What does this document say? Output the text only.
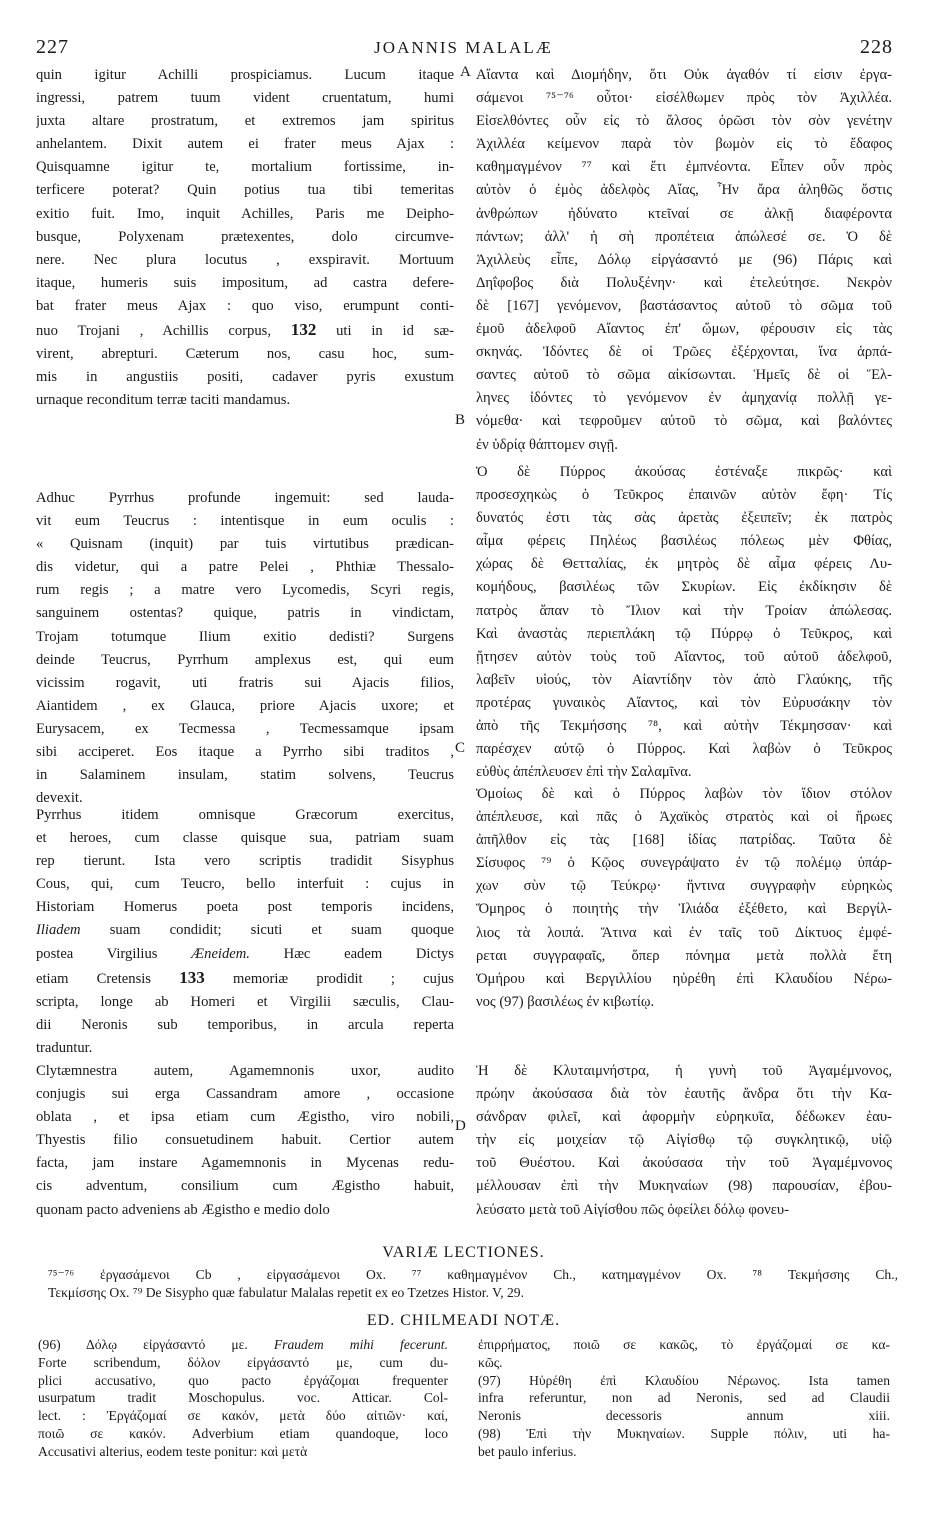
227	JOANNIS MALALÆ	228
A
B
C
D
quin igitur Achilli prospiciamus. Lucum itaque
ingressi, patrem tuum vident cruentatum, humi
juxta altare prostratum, et extremos jam spiritus
anhelantem. Dixit autem ei frater meus Ajax :
Quisquamne igitur te, mortalium fortissime, in-
terficere poterat? Quin potius tua tibi temeritas
exitio fuit. Imo, inquit Achilles, Paris me Deipho-
busque, Polyxenam prætexentes, dolo circumve-
nere. Nec plura locutus , exspiravit. Mortuum
itaque, humeris suis impositum, ad castra defere-
bat frater meus Ajax : quo viso, erumpunt conti-
nuo Trojani , Achillis corpus, 132 uti in id sæ-
virent, abrepturi. Cæterum nos, casu hoc, sum-
mis in angustiis positi, cadaver pyris exustum
urnaque reconditum terræ taciti mandamus.
Adhuc Pyrrhus profunde ingemuit: sed lauda-
vit eum Teucrus : intentisque in eum oculis :
« Quisnam (inquit) par tuis virtutibus prædican-
dis videtur, qui a patre Pelei , Phthiæ Thessalo-
rum regis ; a matre vero Lycomedis, Scyri regis,
sanguinem ostentas? quique, patris in vindictam,
Trojam totumque Ilium exitio dedisti? Surgens
deinde Teucrus, Pyrrhum amplexus est, qui eum
vicissim rogavit, uti fratris sui Ajacis filios,
Aiantidem , ex Glauca, priore Ajacis uxore; et
Eurysacem, ex Tecmessa , Tecmessamque ipsam
sibi acciperet. Eos itaque a Pyrrho sibi traditos ,
in Salaminem insulam, statim solvens, Teucrus
devexit.
Pyrrhus itidem omnisque Græcorum exercitus,
et heroes, cum classe quisque sua, patriam suam
rep tierunt. Ista vero scriptis tradidit Sisyphus
Cous, qui, cum Teucro, bello interfuit : cujus in
Historiam Homerus poeta post temporis incidens,
Iliadem suam condidit; sicuti et suam quoque
postea Virgilius Æneidem. Hæc eadem Dictys
etiam Cretensis 133 memoriæ prodidit ; cujus
scripta, longe ab Homeri et Virgilii sæculis, Clau-
dii Neronis sub temporibus, in arcula reperta
traduntur.
Clytæmnestra autem, Agamemnonis uxor, audito
conjugis sui erga Cassandram amore , occasione
oblata , et ipsa etiam cum Ægistho, viro nobili,
Thyestis filio consuetudinem habuit. Certior autem
facta, jam instare Agamemnonis in Mycenas redu-
cis adventum, consilium cum Ægistho habuit,
quonam pacto adveniens ab Ægistho e medio dolo
Αἴαντα καὶ Διομήδην, ὅτι Οὐκ ἀγαθόν τί εἰσιν ἐργα-
σάμενοι ⁷⁵⁻⁷⁶ οὗτοι· εἰσέλθωμεν πρὸς τὸν Ἀχιλλέα.
Εἰσελθόντες οὖν εἰς τὸ ἄλσος ὁρῶσι τὸν σὸν γενέτην
Ἀχιλλέα κείμενον παρὰ τὸν βωμὸν εἰς τὸ ἔδαφος
καθημαγμένον ⁷⁷ καὶ ἔτι ἐμπνέοντα. Εἶπεν οὖν πρὸς
αὐτὸν ὁ ἐμὸς ἀδελφὸς Αἴας, Ἦν ἄρα ἀληθῶς ὅστις
ἀνθρώπων ἠδύνατο κτεῖναί σε ἀλκῇ διαφέροντα
πάντων; ἀλλ' ἡ σὴ προπέτεια ἀπώλεσέ σε. Ὁ δὲ
Ἀχιλλεὺς εἶπε, Δόλῳ εἰργάσαντό με (96) Πάρις καὶ
Δηΐφοβος διὰ Πολυξένην· καὶ ἐτελεύτησε. Νεκρὸν
δὲ [167] γενόμενον, βαστάσαντος αὐτοῦ τὸ σῶμα τοῦ
ἐμοῦ ἀδελφοῦ Αἴαντος ἐπ' ὤμων, φέρουσιν εἰς τὰς
σκηνάς. Ἰδόντες δὲ οἱ Τρῶες ἐξέρχονται, ἵνα ἁρπά-
σαντες αὐτοῦ τὸ σῶμα αἰκίσωνται. Ἡμεῖς δὲ οἱ Ἕλ-
ληνες ἰδόντες τὸ γενόμενον ἐν ἀμηχανίᾳ πολλῇ γε-
νόμεθα· καὶ τεφροῦμεν αὐτοῦ τὸ σῶμα, καὶ βαλόντες
ἐν ὑδρίᾳ θάπτομεν σιγῇ.
Ὁ δὲ Πύρρος ἀκούσας ἐστέναξε πικρῶς· καὶ
προσεσχηκὼς ὁ Τεῦκρος ἐπαινῶν αὐτὸν ἔφη· Τίς
δυνατός ἐστι τὰς σὰς ἀρετὰς ἐξειπεῖν; ἐκ πατρὸς
αἷμα φέρεις Πηλέως βασιλέως πόλεως μὲν Φθίας,
χώρας δὲ Θετταλίας, ἐκ μητρὸς δὲ αἷμα φέρεις Λυ-
κομήδους, βασιλέως τῶν Σκυρίων. Εἰς ἐκδίκησιν δὲ
πατρὸς ἅπαν τὸ Ἴλιον καὶ τὴν Τροίαν ἀπώλεσας.
Καὶ ἀναστὰς περιεπλάκη τῷ Πύρρῳ ὁ Τεῦκρος, καὶ
ᾔτησεν αὐτὸν τοὺς τοῦ Αἴαντος, τοῦ αὐτοῦ ἀδελφοῦ,
λαβεῖν υἱούς, τὸν Αἰαντίδην τὸν ἀπὸ Γλαύκης, τῆς
προτέρας γυναικὸς Αἴαντος, καὶ τὸν Εὐρυσάκην τὸν
ἀπὸ τῆς Τεκμήσσης ⁷⁸, καὶ αὐτὴν Τέκμησσαν· καὶ
παρέσχεν αὐτῷ ὁ Πύρρος. Καὶ λαβὼν ὁ Τεῦκρος
εὐθὺς ἀπέπλευσεν ἐπὶ τὴν Σαλαμῖνα.
Ὁμοίως δὲ καὶ ὁ Πύρρος λαβὼν τὸν ἴδιον στόλον
ἀπέπλευσε, καὶ πᾶς ὁ Ἀχαϊκὸς στρατὸς καὶ οἱ ἥρωες
ἀπῆλθον εἰς τὰς [168] ἰδίας πατρίδας. Ταῦτα δὲ
Σίσυφος ⁷⁹ ὁ Κῷος συνεγράψατο ἐν τῷ πολέμῳ ὑπάρ-
χων σὺν τῷ Τεύκρῳ· ἥντινα συγγραφὴν εὑρηκὼς
Ὅμηρος ὁ ποιητὴς τὴν Ἰλιάδα ἐξέθετο, καὶ Βεργίλ-
λιος τὰ λοιπά. Ἅτινα καὶ ἐν ταῖς τοῦ Δίκτυος ἐμφέ-
ρεται συγγραφαῖς, ὅπερ πόνημα μετὰ πολλὰ ἔτη
Ὁμήρου καὶ Βεργιλλίου ηὑρέθη ἐπὶ Κλαυδίου Νέρω-
νος (97) βασιλέως ἐν κιβωτίῳ.
Ἡ δὲ Κλυταιμνήστρα, ἡ γυνὴ τοῦ Ἀγαμέμνονος,
πρώην ἀκούσασα διὰ τὸν ἑαυτῆς ἄνδρα ὅτι τὴν Κα-
σάνδραν φιλεῖ, καὶ ἀφορμὴν εὑρηκυῖα, δέδωκεν ἑαυ-
τὴν εἰς μοιχείαν τῷ Αἰγίσθῳ τῷ συγκλητικῷ, υἱῷ
τοῦ Θυέστου. Καὶ ἀκούσασα τὴν τοῦ Ἀγαμέμνονος
μέλλουσαν ἐπὶ τὴν Μυκηναίων (98) παρουσίαν, ἐβου-
λεύσατο μετὰ τοῦ Αἰγίσθου πῶς ὀφείλει δόλῳ φονευ-
VARIÆ LECTIONES.
⁷⁵⁻⁷⁶ ἐργασάμενοι Cb , εἰργασάμενοι Ox. ⁷⁷ καθημαγμένον Ch., κατημαγμένον Ox. ⁷⁸ Τεκμήσσης Ch.,
Τεκμίσσης Ox. ⁷⁹ De Sisypho quæ fabulatur Malalas repetit ex eo Tzetzes Histor. V, 29.
ED. CHILMEADI NOTÆ.
(96) Δόλῳ εἰργάσαντό με. Fraudem mihi fecerunt.
Forte scribendum, δόλον εἰργάσαντό με, cum du-
plici accusativo, quo pacto ἐργάζομαι frequenter
usurpatum tradit Moschopulus. voc. Atticar. Col-
lect. : Ἐργάζομαί σε κακόν, μετὰ δύο αἰτιῶν· καί,
ποιῶ σε κακόν. Adverbium etiam quandoque, loco
Accusativi alterius, eodem teste ponitur: καὶ μετὰ
ἐπιρρήματος, ποιῶ σε κακῶς, τὸ ἐργάζομαί σε κα-
κῶς.
(97) Ηὑρέθη ἐπὶ Κλαυδίου Νέρωνος. Ista tamen
infra referuntur, non ad Neronis, sed ad Claudii
Neronis decessoris annum xiii.
(98) Ἐπὶ τὴν Μυκηναίων. Supple πόλιν, uti ha-
bet paulo inferius.
